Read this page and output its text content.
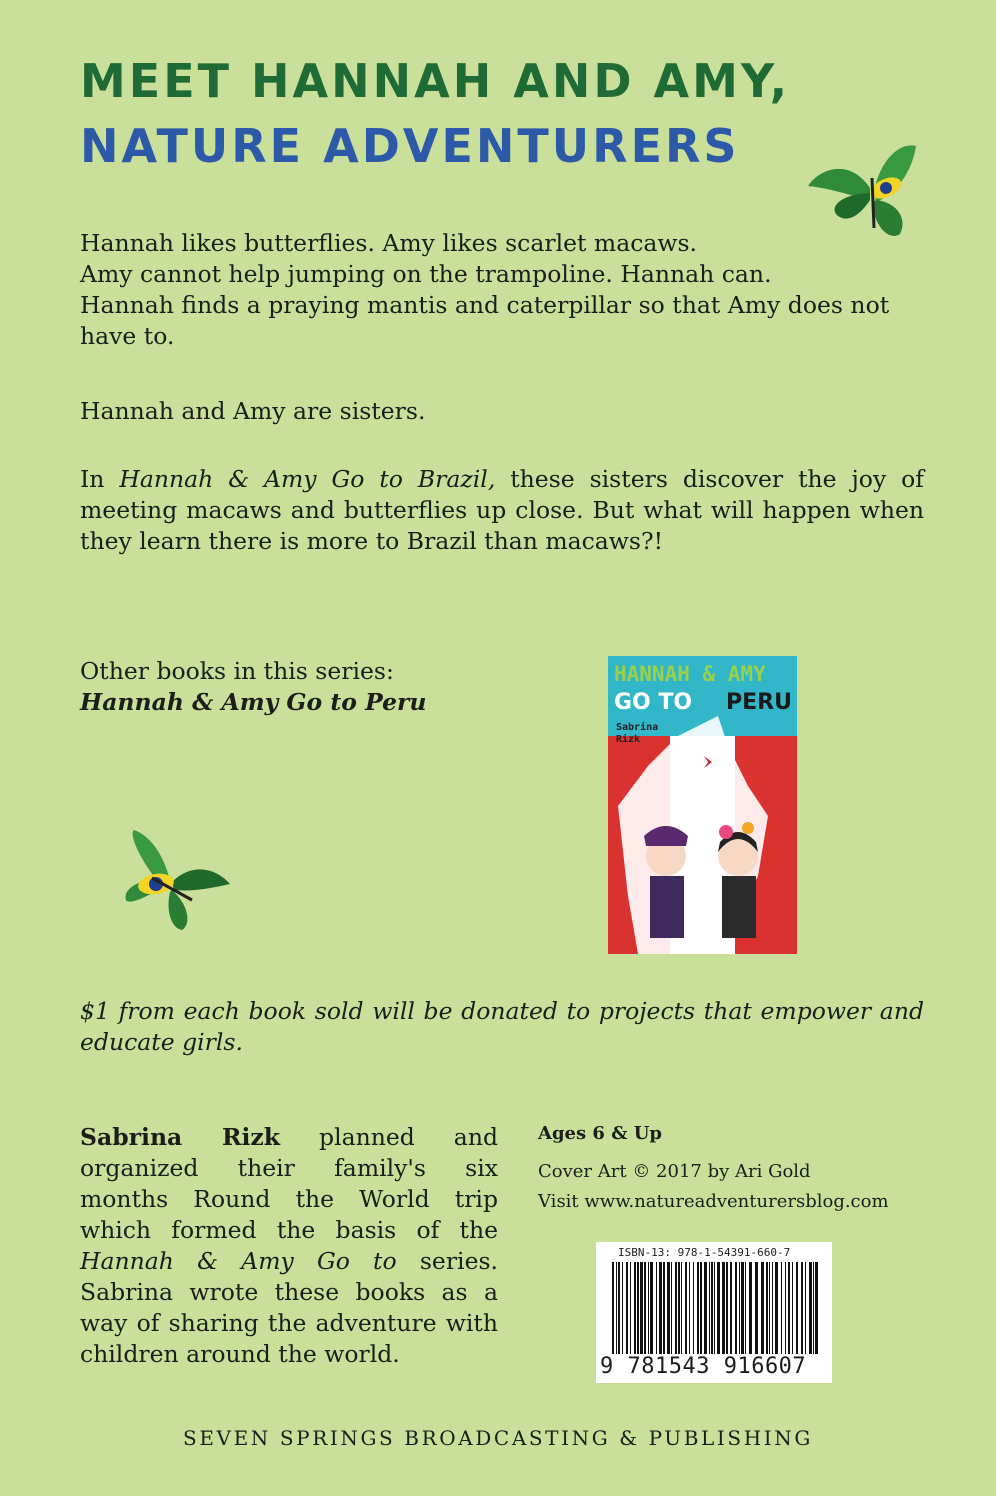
MEET HANNAH AND AMY,
NATURE ADVENTURERS
Hannah likes butterflies. Amy likes scarlet macaws.
Amy cannot help jumping on the trampoline. Hannah can.
Hannah finds a praying mantis and caterpillar so that Amy does not have to.

Hannah and Amy are sisters.

In Hannah & Amy Go to Brazil, these sisters discover the joy of meeting macaws and butterflies up close. But what will happen when they learn there is more to Brazil than macaws?!

Other books in this series:
Hannah & Amy Go to Peru
HANNAH & AMY
GO TO PERU
Sabrina
Rizk

$1 from each book sold will be donated to projects that empower and educate girls.

Sabrina Rizk planned and organized their family's six months Round the World trip which formed the basis of the Hannah & Amy Go to series. Sabrina wrote these books as a way of sharing the adventure with children around the world.

Ages 6 & Up
Cover Art © 2017 by Ari Gold
Visit www.natureadventurersblog.com
ISBN-13: 978-1-54391-660-7
9 781543 916607
SEVEN SPRINGS BROADCASTING & PUBLISHING
